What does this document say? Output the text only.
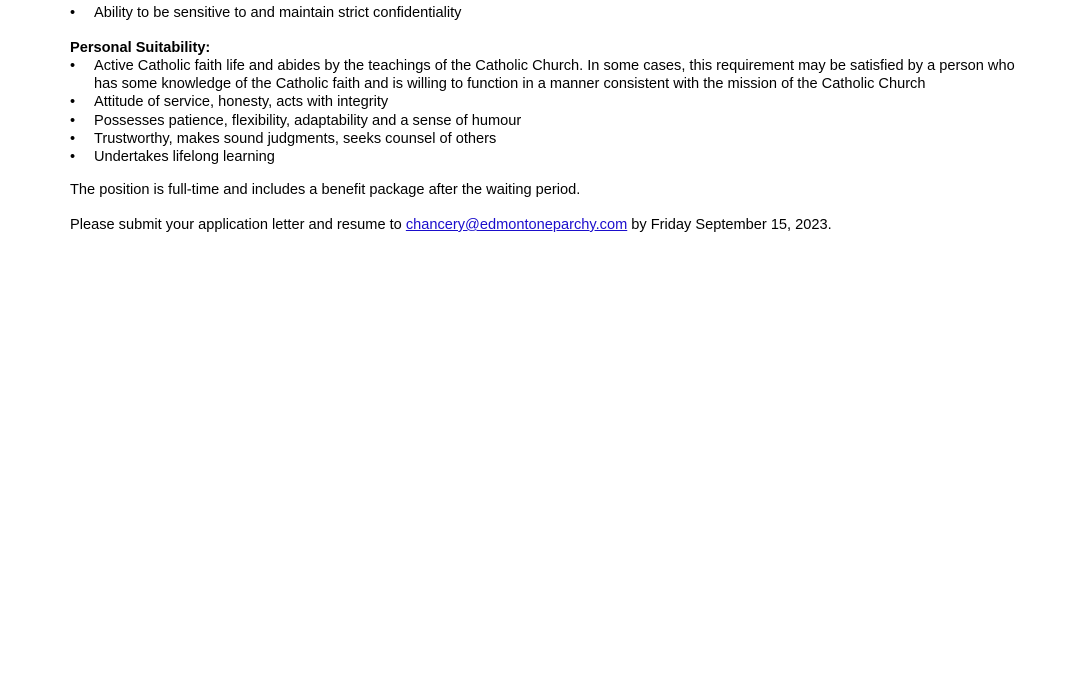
•	Ability to be sensitive to and maintain strict confidentiality
Personal Suitability:
•	Active Catholic faith life and abides by the teachings of the Catholic Church. In some cases, this requirement may be satisfied by a person who has some knowledge of the Catholic faith and is willing to function in a manner consistent with the mission of the Catholic Church
•	Attitude of service, honesty, acts with integrity
•	Possesses patience, flexibility, adaptability and a sense of humour
•	Trustworthy, makes sound judgments, seeks counsel of others
•	Undertakes lifelong learning
The position is full-time and includes a benefit package after the waiting period.
Please submit your application letter and resume to chancery@edmontoneparchy.com by Friday September 15, 2023.
